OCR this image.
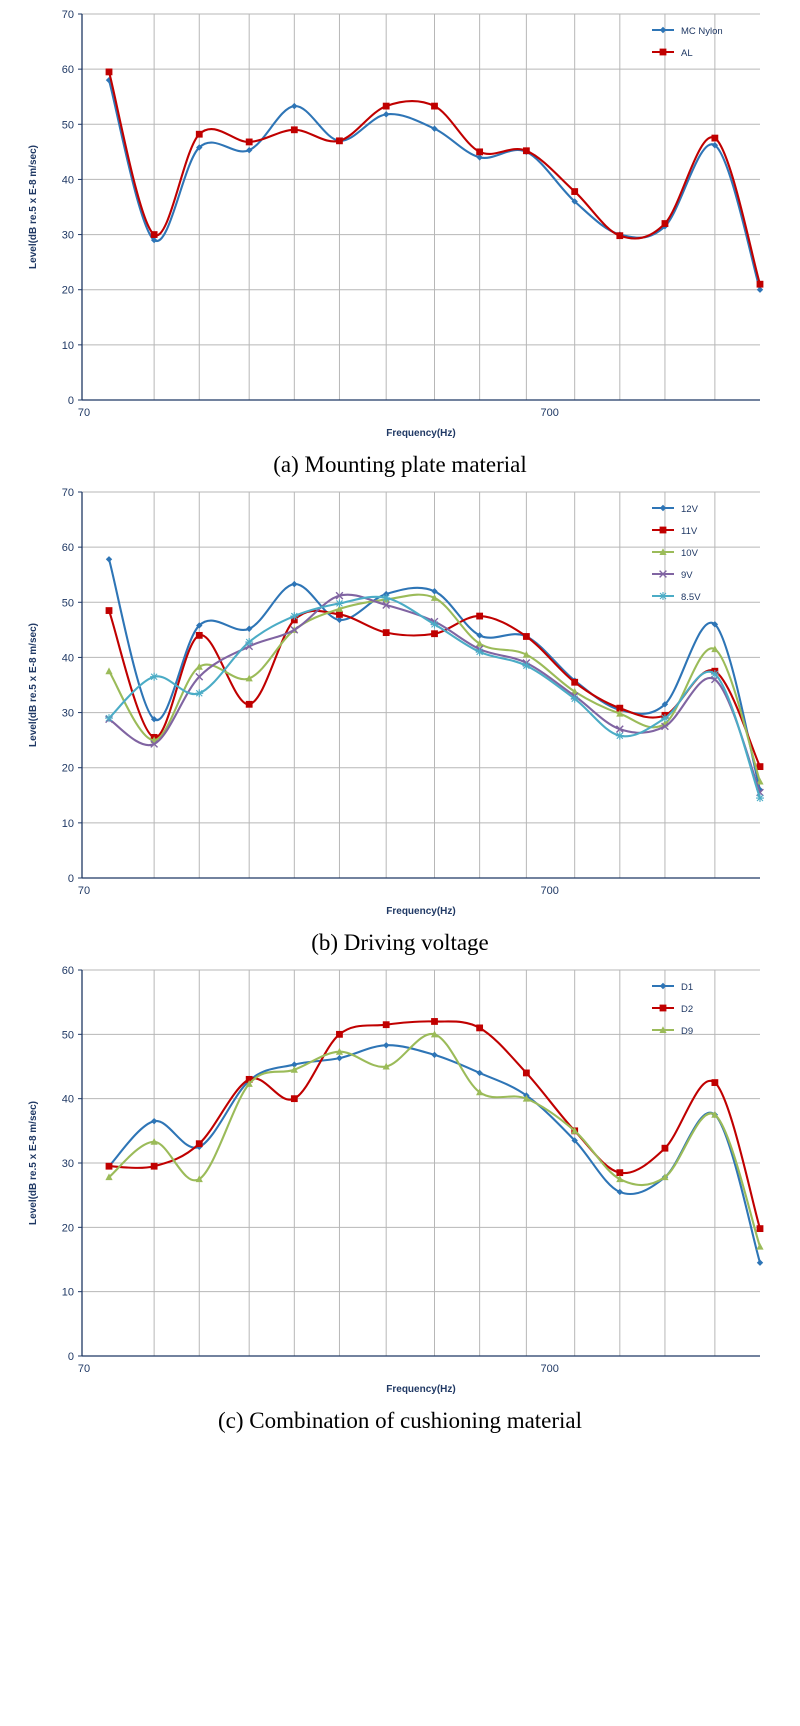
0
10
20
30
40
50
60
70
70	700
Frequency(Hz)
Level(dB re.5 x E-8 m/sec)
MC Nylon
AL
(a) Mounting plate material
0
10
20
30
40
50
60
70
70	700
Frequency(Hz)
Level(dB re.5 x E-8 m/sec)
12V
11V
10V
9V
8.5V
(b) Driving voltage
0
10
20
30
40
50
60
70	700
Frequency(Hz)
Level(dB re.5 x E-8 m/sec)
D1
D2
D9
(c) Combination of cushioning material
